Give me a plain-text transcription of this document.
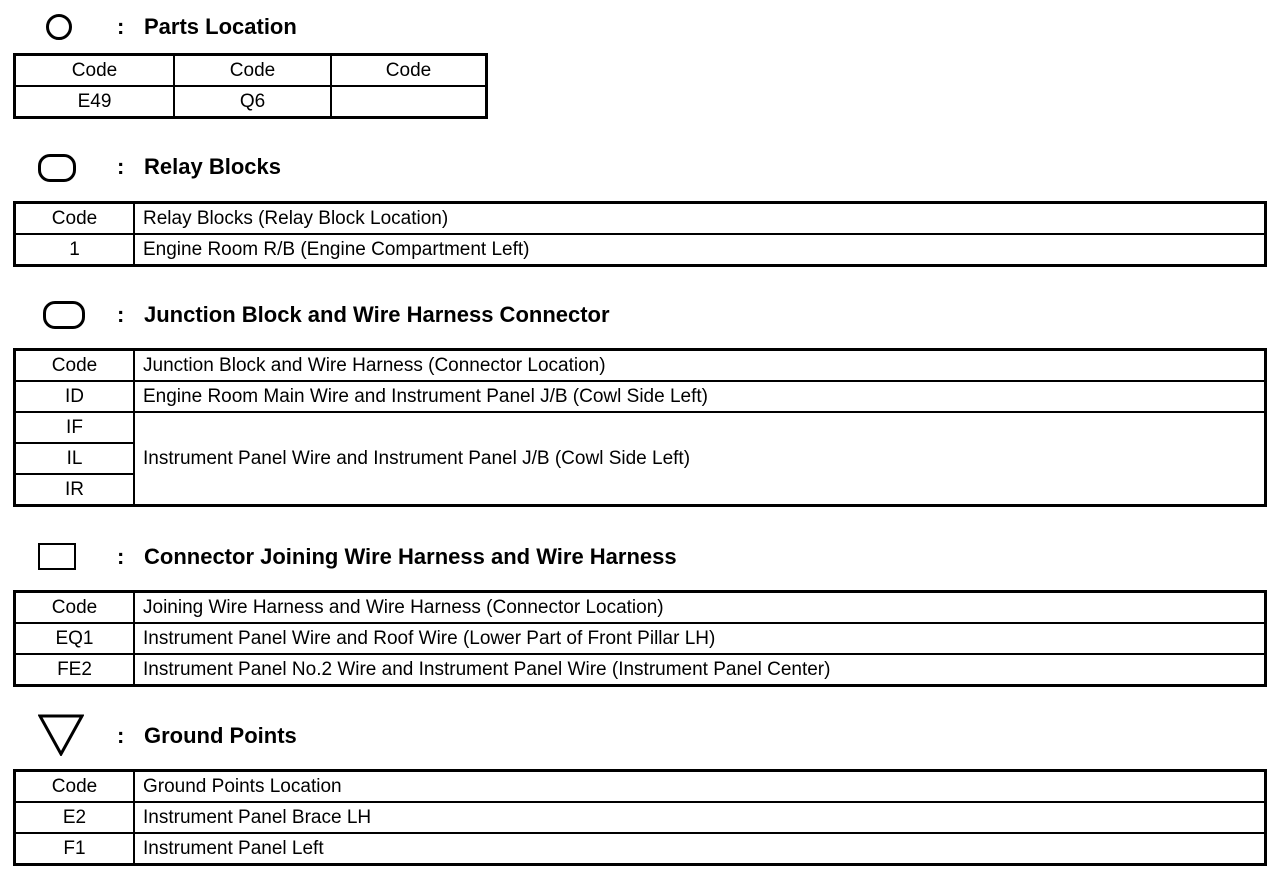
: Parts Location
Code	Code	Code
E49	Q6	
: Relay Blocks
Code	Relay Blocks (Relay Block Location)
1	Engine Room R/B (Engine Compartment Left)
: Junction Block and Wire Harness Connector
Code	Junction Block and Wire Harness (Connector Location)
ID	Engine Room Main Wire and Instrument Panel J/B (Cowl Side Left)
IF	Instrument Panel Wire and Instrument Panel J/B (Cowl Side Left)
IL	
IR	
: Connector Joining Wire Harness and Wire Harness
Code	Joining Wire Harness and Wire Harness (Connector Location)
EQ1	Instrument Panel Wire and Roof Wire (Lower Part of Front Pillar LH)
FE2	Instrument Panel No.2 Wire and Instrument Panel Wire (Instrument Panel Center)
: Ground Points
Code	Ground Points Location
E2	Instrument Panel Brace LH
F1	Instrument Panel Left
